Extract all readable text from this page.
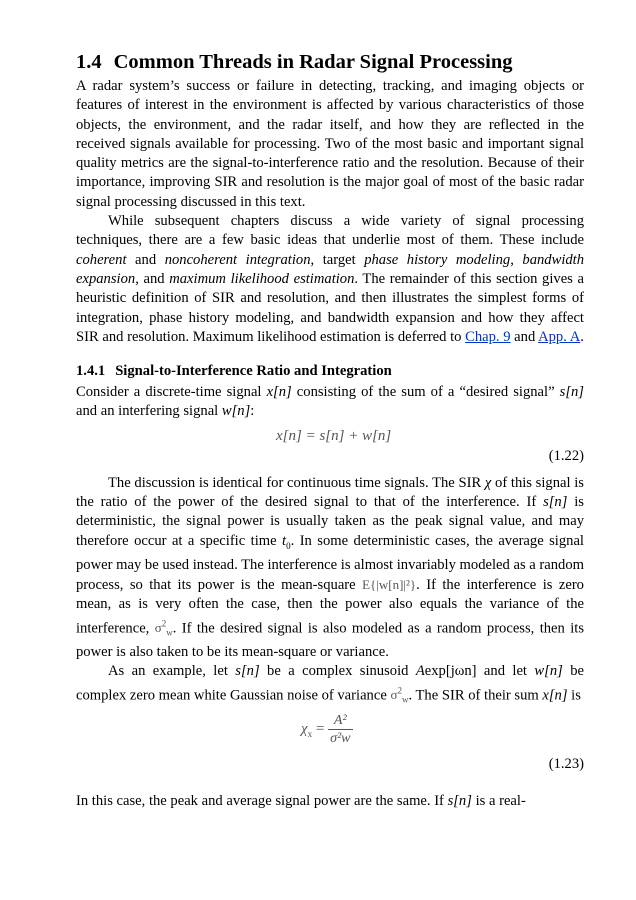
1.4 Common Threads in Radar Signal Processing

A radar system’s success or failure in detecting, tracking, and imaging objects or features of interest in the environment is affected by various characteristics of those objects, the environment, and the radar itself, and how they are reflected in the received signals available for processing. Two of the most basic and important signal quality metrics are the signal-to-interference ratio and the resolution. Because of their importance, improving SIR and resolution is the major goal of most of the basic radar signal processing discussed in this text.

While subsequent chapters discuss a wide variety of signal processing techniques, there are a few basic ideas that underlie most of them. These include coherent and noncoherent integration, target phase history modeling, bandwidth expansion, and maximum likelihood estimation. The remainder of this section gives a heuristic definition of SIR and resolution, and then illustrates the simplest forms of integration, phase history modeling, and bandwidth expansion and how they affect SIR and resolution. Maximum likelihood estimation is deferred to Chap. 9 and App. A.

1.4.1 Signal-to-Interference Ratio and Integration

Consider a discrete-time signal x[n] consisting of the sum of a “desired signal” s[n] and an interfering signal w[n]:

x[n] = s[n] + w[n]
(1.22)

The discussion is identical for continuous time signals. The SIR χ of this signal is the ratio of the power of the desired signal to that of the interference. If s[n] is deterministic, the signal power is usually taken as the peak signal value, and may therefore occur at a specific time $t_0$. In some deterministic cases, the average signal power may be used instead. The interference is almost invariably modeled as a random process, so that its power is the mean-square E{|w[n]|²}. If the interference is zero mean, as is very often the case, then the power also equals the variance of the interference, $\sigma^2_w$. If the desired signal is also modeled as a random process, then its power is also taken to be its mean-square or variance.

As an example, let s[n] be a complex sinusoid Aexp[jωn] and let w[n] be complex zero mean white Gaussian noise of variance $\sigma^2_w$. The SIR of their sum x[n] is

$\chi_x = \frac{\text{A²}}{\text{σ²w}}$
(1.23)

In this case, the peak and average signal power are the same. If s[n] is a real-
